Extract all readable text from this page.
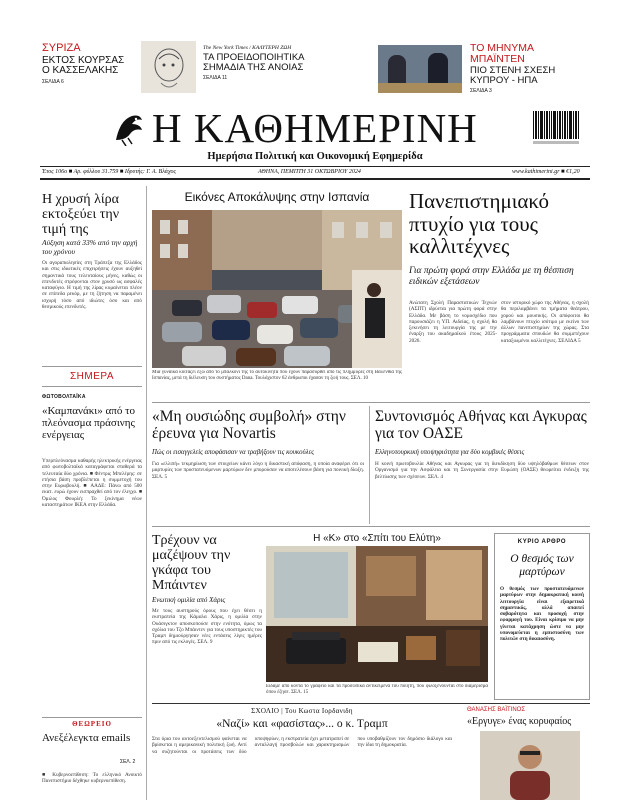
ΣΥΡΙΖΑ
ΕΚΤΟΣ ΚΟΥΡΣΑΣ
Ο ΚΑΣΣΕΛΑΚΗΣ
ΣΕΛΙΔΑ 6
The New York Times / ΚΑΛΥΤΕΡΗ ΖΩΗ
ΤΑ ΠΡΟΕΙΔΟΠΟΙΗΤΙΚΑ
ΣΗΜΑΔΙΑ ΤΗΣ ΑΝΟΙΑΣ
ΣΕΛΙΔΑ 11
ΤΟ ΜΗΝΥΜΑ ΜΠΑΪΝΤΕΝ
ΠΙΟ ΣΤΕΝΗ ΣΧΕΣΗ
ΚΥΠΡΟΥ - ΗΠΑ
ΣΕΛΙΔΑ 3
Η ΚΑΘΗΜΕΡΙΝΗ
Ημερήσια Πολιτική και Οικονομική Εφημερίδα
Έτος 106ο ■ Αρ. φύλλου 31.759 ■ Ιδρυτής: Γ. Α. Βλάχος	ΑΘΗΝΑ, ΠΕΜΠΤΗ 31 ΟΚΤΩΒΡΙΟΥ 2024	www.kathimerini.gr ■ €1,20
Η χρυσή λίρα εκτοξεύει την τιμή της
Αύξηση κατά 33% από την αρχή του χρόνου
Οι αγοραπωλησίες στη Τράπεζα της Ελλάδος και στις ιδιωτικές επιχειρήσεις έχουν αυξηθεί σημαντικά τους τελευταίους μήνες, καθώς οι επενδυτές στρέφονται στον χρυσό ως ασφαλές καταφύγιο. Η τιμή της λίρας κυμαίνεται πλέον σε επίπεδα ρεκόρ, με τη ζήτηση να παραμένει ισχυρή τόσο από ιδιώτες όσο και από θεσμικούς επενδυτές.
ΣΗΜΕΡΑ
ΦΩΤΟΒΟΛΤΑΪΚΑ
«Καμπανάκι» από το πλεόνασμα πράσινης ενέργειας
Υπερπλεόνασμα καθαρής ηλεκτρικής ενέργειας από φωτοβολταϊκά καταγράφεται σταθερά τα τελευταία δύο χρόνια. ■ Φέντρις Μπελέρης: σε ετήσια βάση προβλέπεται η συμμετοχή του στην Ευρωβουλή. ■ ΑΑΔΕ: Πάνω από 500 εκατ. ευρώ έχουν εισπραχθεί από τον έλεγχο. ■ Όμιλος Φουρλή: Το ξεκίνημα νέων καταστημάτων ΙΚΕΑ στην Ελλάδα.
ΘΕΩΡΕΙΟ
Ανεξέλεγκτα emails
ΣΕΛ. 2
■ Κυβερνοεπίθεση: Το ελληνικό Ανοικτό Πανεπιστήμιο δέχθηκε κυβερνοεπίθεση.
Εικόνες Αποκάλυψης στην Ισπανία
Μια γυναίκα κοιτάζει έξω από το μπαλκόνι της το αυτοκίνητα που έχουν παρασυρθεί από τις πλημμύρες στη Βαλένθια της Ισπανίας, μετά τη διέλευση του συστήματος Dana. Τουλάχιστον 62 άνθρωποι έχασαν τη ζωή τους. ΣΕΛ. 10
Πανεπιστημιακό πτυχίο για τους καλλιτέχνες
Για πρώτη φορά στην Ελλάδα με τη θέσπιση ειδικών εξετάσεων
Ανώτατη Σχολή Παραστατικών Τεχνών (ΑΣΠΤ) ιδρύεται για πρώτη φορά στην Ελλάδα. Με βάση το νομοσχέδιο που παρουσιάζει η ΥΠ. Αιδείας, η σχολή θα ξεκινήσει τη λειτουργία της με την έναρξη του ακαδημαϊκού έτους 2025-2026.
στον ιστορικό χώρο της Αθήνας, η σχολή θα περιλαμβάνει τα τμήματα θεάτρου, χορού και μουσικής. Οι απόφοιτοι θα λαμβάνουν πτυχίο ισότιμο με εκείνο των άλλων πανεπιστημίων της χώρας. Στα προγράμματα σπουδών θα συμμετέχουν καταξιωμένοι καλλιτέχνες. ΣΕΛΙΔΑ 5
«Μη ουσιώδης συμβολή» στην έρευνα για Novartis
Πώς οι εισαγγελείς αποφάσισαν να τραβήξουν τις κουκούλες
Για «ελλιπή» τεκμηρίωση των στοιχείων κάνει λόγο η δικαστική απόφαση, η οποία αναφέρει ότι οι μαρτυρίες των προστατευόμενων μαρτύρων δεν μπορούσαν να αποτελέσουν βάση για ποινική δίωξη. ΣΕΛ. 5
Συντονισμός Αθήνας και Αγκυρας για τον ΟΑΣΕ
Ελληνοτουρκική υποψηφιότητα για δύο κομβικές θέσεις
Η κοινή πρωτοβουλία Αθήνας και Αγκυρας για τη διεκδίκηση δύο υψηλόβαθμων θέσεων στον Οργανισμό για την Ασφάλεια και τη Συνεργασία στην Ευρώπη (ΟΑΣΕ) θεωρείται ένδειξη της βελτίωσης των σχέσεων. ΣΕΛ. 4
Τρέχουν να μαζέψουν την γκάφα του Μπάιντεν
Ενωτική ομιλία από Χάρις
Με τους αυστηρούς όρους που έχει θέσει η εκστρατεία της Κάμαλα Χάρις, η ομιλία στην Ουάσιγκτον αποσκοπούσε στην ενότητα, όμως τα σχόλια του Τζο Μπάιντεν για τους υποστηρικτές του Τραμπ δημιούργησαν νέες εντάσεις λίγες ημέρες πριν από τις εκλογές. ΣΕΛ. 9
Η «Κ» στο «Σπίτι του Ελύτη»
Είδαμε από κοντά το γραφείο και τα προσωπικά αντικείμενα του ποιητή, που φιλοξενούνται στο διαμέρισμα όπου έζησε. ΣΕΛ. 15
ΚΥΡΙΟ ΑΡΘΡΟ
Ο θεσμός των μαρτύρων
Ο θεσμός των προστατευόμενων μαρτύρων στην δημοκρατική κοινή λειτουργία είναι εξαιρετικά σημαντικός, αλλά απαιτεί σοβαρότητα και προσοχή στην εφαρμογή του. Είναι κρίσιμο να μην γίνεται κατάχρηση ώστε να μην υπονομεύεται η εμπιστοσύνη των πολιτών στη δικαιοσύνη.
ΣΧΟΛΙΟ | Του Κωστα Ιορδανιδη
«Ναζί» και «φασίστας»... ο κ. Τραμπ
Στα όρια του αυτοεξευτελισμού φαίνεται να βρίσκεται η αμερικανική πολιτική ζωή. Αντί να συζητούνται οι προτάσεις των δύο υποψηφίων, η εκστρατεία έχει μετατραπεί σε ανταλλαγή προσβολών και χαρακτηρισμών που υποβαθμίζουν τον δημόσιο διάλογο και την ίδια τη δημοκρατία.
ΘΑΝΑΣΗΣ ΒΑΪΤΙΝΟΣ
«Εργυγε» ένας κορυφαίος
